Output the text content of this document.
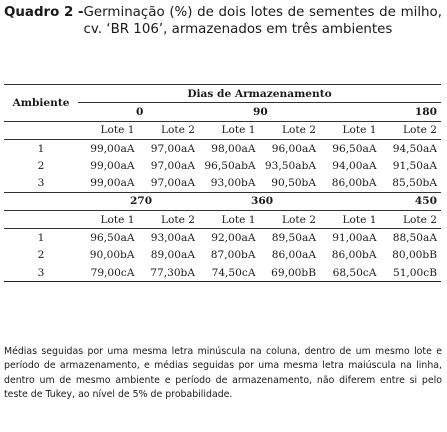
Quadro 2 - Germinação (%) de dois lotes de sementes de milho, cv. ‘BR 106’, armazenados em três ambientes
Ambiente	Dias de Armazenamento					
	0		90		180	
	Lote 1	Lote 2	Lote 1	Lote 2	Lote 1	Lote 2
1	99,00aA	97,00aA	98,00aA	96,00aA	96,50aA	94,50aA
2	99,00aA	97,00aA	96,50abA	93,50abA	94,00aA	91,50aA
3	99,00aA	97,00aA	93,00bA	90,50bA	86,00bA	85,50bA
	270		360		450	
	Lote 1	Lote 2	Lote 1	Lote 2	Lote 1	Lote 2
1	96,50aA	93,00aA	92,00aA	89,50aA	91,00aA	88,50aA
2	90,00bA	89,00aA	87,00bA	86,00aA	86,00bA	80,00bB
3	79,00cA	77,30bA	74,50cA	69,00bB	68,50cA	51,00cB
Médias seguidas por uma mesma letra minúscula na coluna, dentro de um mesmo lote e período de armazenamento, e médias seguidas por uma mesma letra maiúscula na linha, dentro um de mesmo ambiente e período de armazenamento, não diferem entre si pelo teste de Tukey, ao nível de 5% de probabilidade.
